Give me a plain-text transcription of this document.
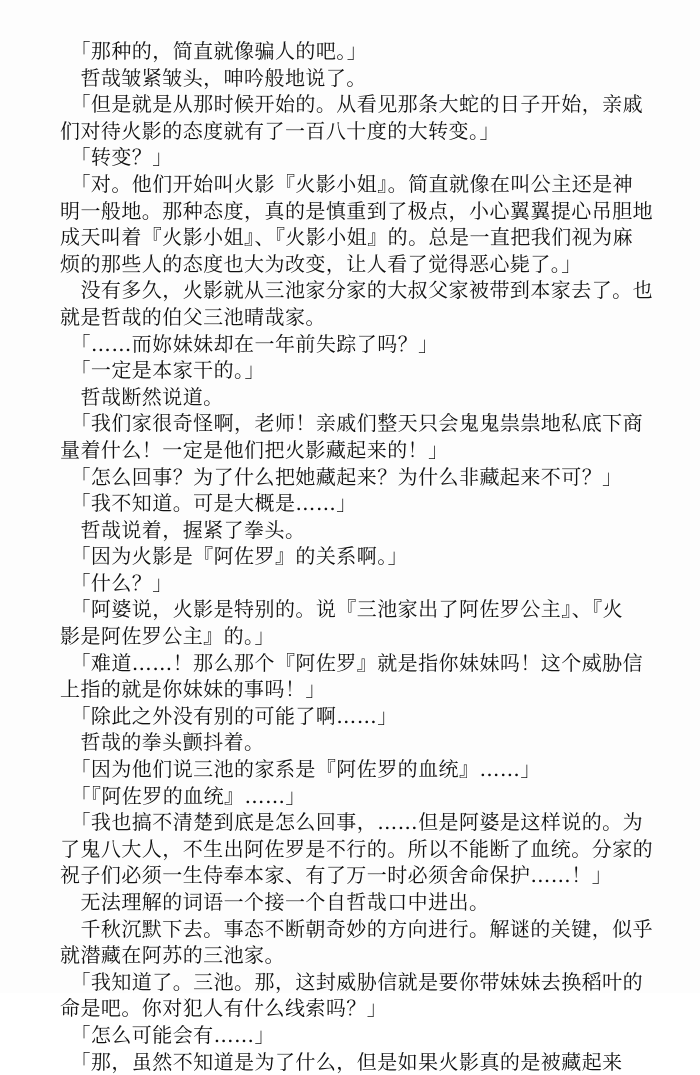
　「那种的，简直就像骗人的吧。」
　哲哉皱紧皱头，呻吟般地说了。
　「但是就是从那时候开始的。从看见那条大蛇的日子开始，亲戚
们对待火影的态度就有了一百八十度的大转变。」
　「转变？」
　「对。他们开始叫火影『火影小姐』。简直就像在叫公主还是神
明一般地。那种态度，真的是慎重到了极点，小心翼翼提心吊胆地
成天叫着『火影小姐』、『火影小姐』的。总是一直把我们视为麻
烦的那些人的态度也大为改变，让人看了觉得恶心毙了。」
　没有多久，火影就从三池家分家的大叔父家被带到本家去了。也
就是哲哉的伯父三池晴哉家。
　「……而妳妹妹却在一年前失踪了吗？」
　「一定是本家干的。」
　哲哉断然说道。
　「我们家很奇怪啊，老师！亲戚们整天只会鬼鬼祟祟地私底下商
量着什么！一定是他们把火影藏起来的！」
　「怎么回事？为了什么把她藏起来？为什么非藏起来不可？」
　「我不知道。可是大概是……」
　哲哉说着，握紧了拳头。
　「因为火影是『阿佐罗』的关系啊。」
　「什么？」
　「阿婆说，火影是特别的。说『三池家出了阿佐罗公主』、『火
影是阿佐罗公主』的。」
　「难道……！那么那个『阿佐罗』就是指你妹妹吗！这个威胁信
上指的就是你妹妹的事吗！」
　「除此之外没有别的可能了啊……」
　哲哉的拳头颤抖着。
　「因为他们说三池的家系是『阿佐罗的血统』……」
　「『阿佐罗的血统』……」
　「我也搞不清楚到底是怎么回事，……但是阿婆是这样说的。为
了鬼八大人，不生出阿佐罗是不行的。所以不能断了血统。分家的
祝子们必须一生侍奉本家、有了万一时必须舍命保护……！」
　无法理解的词语一个接一个自哲哉口中进出。
　千秋沉默下去。事态不断朝奇妙的方向进行。解谜的关键，似乎
就潜藏在阿苏的三池家。
　「我知道了。三池。那，这封威胁信就是要你带妹妹去换稻叶的
命是吧。你对犯人有什么线索吗？」
　「怎么可能会有……」
　「那，虽然不知道是为了什么，但是如果火影真的是被藏起来
